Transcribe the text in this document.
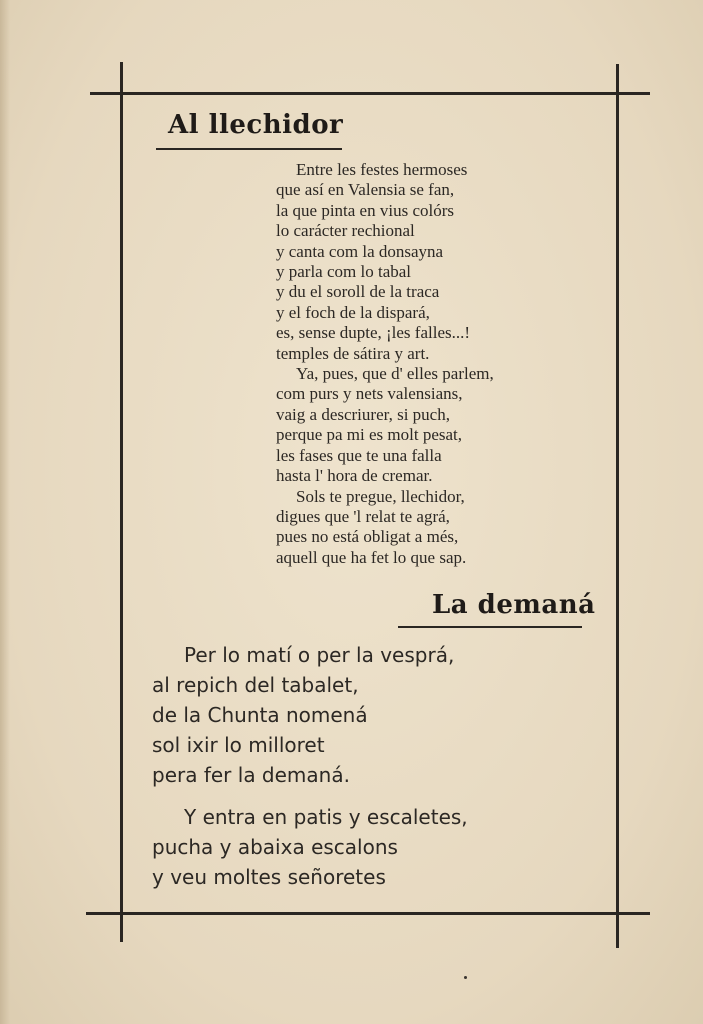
Al llechidor
Entre les festes hermoses
que así en Valensia se fan,
la que pinta en vius colórs
lo carácter rechional
y canta com la donsayna
y parla com lo tabal
y du el soroll de la traca
y el foch de la dispará,
es, sense dupte, ¡les falles...!
temples de sátira y art.
Ya, pues, que d' elles parlem,
com purs y nets valensians,
vaig a descriurer, si puch,
perque pa mi es molt pesat,
les fases que te una falla
hasta l' hora de cremar.
Sols te pregue, llechidor,
digues que 'l relat te agrá,
pues no está obligat a més,
aquell que ha fet lo que sap.
La demaná
Per lo matí o per la vesprá,
al repich del tabalet,
de la Chunta nomená
sol ixir lo milloret
pera fer la demaná.
Y entra en patis y escaletes,
pucha y abaixa escalons
y veu moltes señoretes
